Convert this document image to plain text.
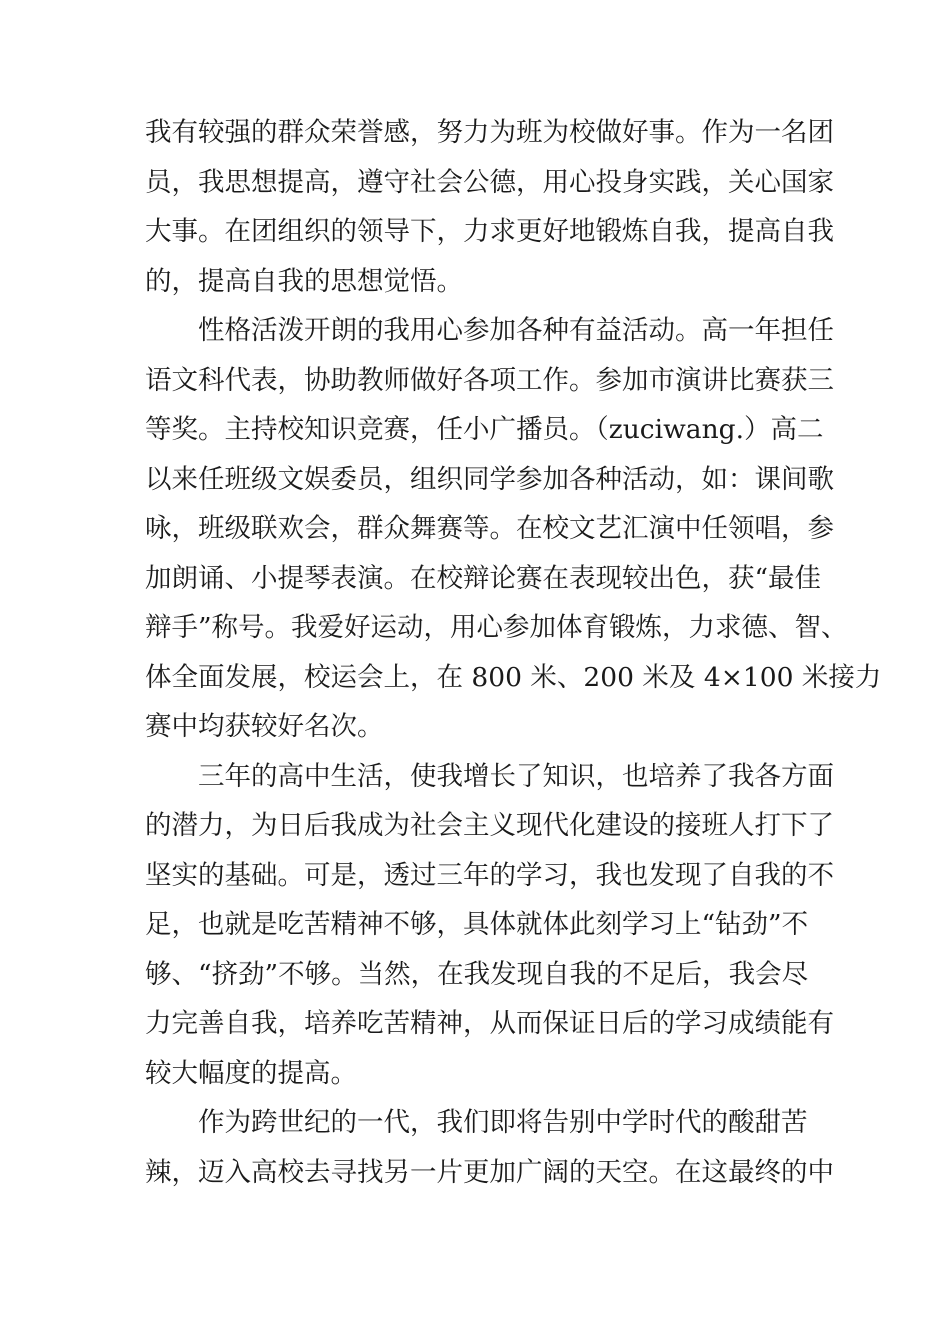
我有较强的群众荣誉感，努力为班为校做好事。作为一名团
员，我思想提高，遵守社会公德，用心投身实践，关心国家
大事。在团组织的领导下，力求更好地锻炼自我，提高自我
的，提高自我的思想觉悟。
性格活泼开朗的我用心参加各种有益活动。高一年担任
语文科代表，协助教师做好各项工作。参加市演讲比赛获三
等奖。主持校知识竞赛，任小广播员。（zuciwang.）高二
以来任班级文娱委员，组织同学参加各种活动，如：课间歌
咏，班级联欢会，群众舞赛等。在校文艺汇演中任领唱，参
加朗诵、小提琴表演。在校辩论赛在表现较出色，获“最佳
辩手”称号。我爱好运动，用心参加体育锻炼，力求德、智、
体全面发展，校运会上，在 800 米、200 米及 4×100 米接力
赛中均获较好名次。
三年的高中生活，使我增长了知识，也培养了我各方面
的潜力，为日后我成为社会主义现代化建设的接班人打下了
坚实的基础。可是，透过三年的学习，我也发现了自我的不
足，也就是吃苦精神不够，具体就体此刻学习上“钻劲”不
够、“挤劲”不够。当然，在我发现自我的不足后，我会尽
力完善自我，培养吃苦精神，从而保证日后的学习成绩能有
较大幅度的提高。
作为跨世纪的一代，我们即将告别中学时代的酸甜苦
辣，迈入高校去寻找另一片更加广阔的天空。在这最终的中
